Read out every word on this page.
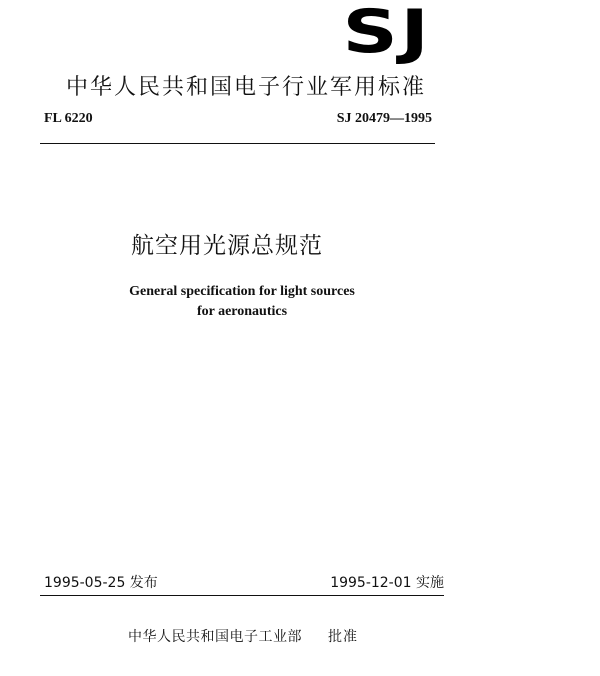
SJ
中华人民共和国电子行业军用标准
FL 6220	SJ 20479—1995
航空用光源总规范
General specification for light sources
for aeronautics
1995-05-25 发布	1995-12-01 实施
中华人民共和国电子工业部 批准
